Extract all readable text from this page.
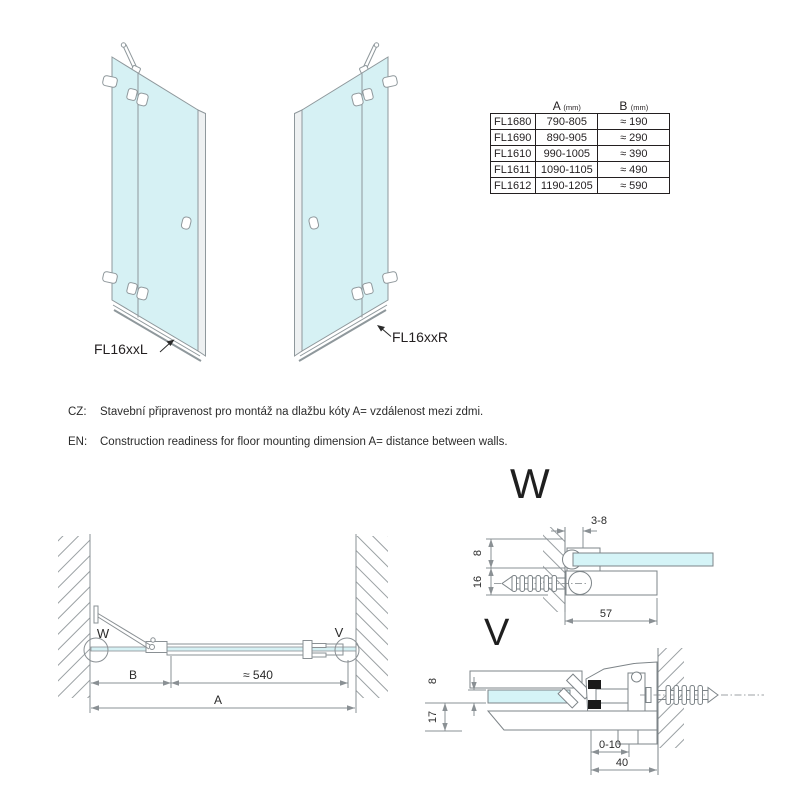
W	V
B	≈ 540
A
3-8
8
16
57
8
17
0-10
40
	A (mm)	B (mm)
FL1680	790-805	≈ 190
FL1690	890-905	≈ 290
FL1610	990-1005	≈ 390
FL1611	1090-1105	≈ 490
FL1612	1190-1205	≈ 590
FL16xxL
FL16xxR
CZ:	Stavební připravenost pro montáž na dlažbu kóty A= vzdálenost mezi zdmi.
EN:	Construction readiness for floor mounting dimension A= distance between walls.
W
V
